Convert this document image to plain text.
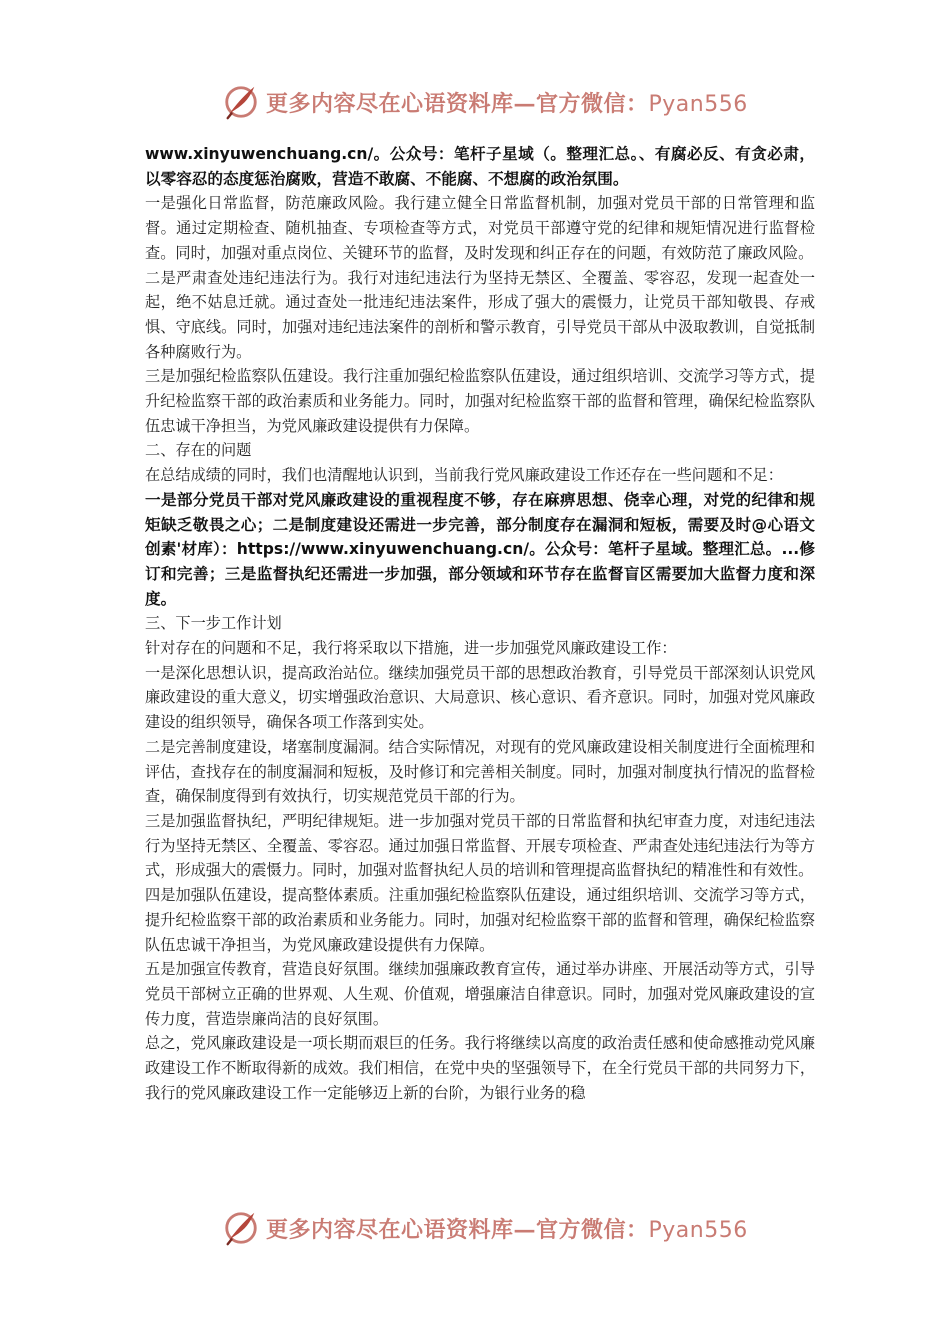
更多内容尽在心语资料库—官方微信：Pyan556

www.xinyuwenchuang.cn/。公众号：笔杆子星域（。整理汇总。、有腐必反、有贪必肃，以零容忍的态度惩治腐败，营造不敢腐、不能腐、不想腐的政治氛围。

一是强化日常监督，防范廉政风险。我行建立健全日常监督机制，加强对党员干部的日常管理和监督。通过定期检查、随机抽查、专项检查等方式，对党员干部遵守党的纪律和规矩情况进行监督检查。同时，加强对重点岗位、关键环节的监督，及时发现和纠正存在的问题，有效防范了廉政风险。

二是严肃查处违纪违法行为。我行对违纪违法行为坚持无禁区、全覆盖、零容忍，发现一起查处一起，绝不姑息迁就。通过查处一批违纪违法案件，形成了强大的震慑力，让党员干部知敬畏、存戒惧、守底线。同时，加强对违纪违法案件的剖析和警示教育，引导党员干部从中汲取教训，自觉抵制各种腐败行为。

三是加强纪检监察队伍建设。我行注重加强纪检监察队伍建设，通过组织培训、交流学习等方式，提升纪检监察干部的政治素质和业务能力。同时，加强对纪检监察干部的监督和管理，确保纪检监察队伍忠诚干净担当，为党风廉政建设提供有力保障。

二、存在的问题

在总结成绩的同时，我们也清醒地认识到，当前我行党风廉政建设工作还存在一些问题和不足：

一是部分党员干部对党风廉政建设的重视程度不够，存在麻痹思想、侥幸心理，对党的纪律和规矩缺乏敬畏之心；二是制度建设还需进一步完善，部分制度存在漏洞和短板，需要及时@心语文创素'材库）：https://www.xinyuwenchuang.cn/。公众号：笔杆子星域。整理汇总。...修订和完善；三是监督执纪还需进一步加强，部分领域和环节存在监督盲区需要加大监督力度和深度。

三、下一步工作计划

针对存在的问题和不足，我行将采取以下措施，进一步加强党风廉政建设工作：

一是深化思想认识，提高政治站位。继续加强党员干部的思想政治教育，引导党员干部深刻认识党风廉政建设的重大意义，切实增强政治意识、大局意识、核心意识、看齐意识。同时，加强对党风廉政建设的组织领导，确保各项工作落到实处。

二是完善制度建设，堵塞制度漏洞。结合实际情况，对现有的党风廉政建设相关制度进行全面梳理和评估，查找存在的制度漏洞和短板，及时修订和完善相关制度。同时，加强对制度执行情况的监督检查，确保制度得到有效执行，切实规范党员干部的行为。

三是加强监督执纪，严明纪律规矩。进一步加强对党员干部的日常监督和执纪审查力度，对违纪违法行为坚持无禁区、全覆盖、零容忍。通过加强日常监督、开展专项检查、严肃查处违纪违法行为等方式，形成强大的震慑力。同时，加强对监督执纪人员的培训和管理提高监督执纪的精准性和有效性。

四是加强队伍建设，提高整体素质。注重加强纪检监察队伍建设，通过组织培训、交流学习等方式，提升纪检监察干部的政治素质和业务能力。同时，加强对纪检监察干部的监督和管理，确保纪检监察队伍忠诚干净担当，为党风廉政建设提供有力保障。

五是加强宣传教育，营造良好氛围。继续加强廉政教育宣传，通过举办讲座、开展活动等方式，引导党员干部树立正确的世界观、人生观、价值观，增强廉洁自律意识。同时，加强对党风廉政建设的宣传力度，营造崇廉尚洁的良好氛围。

总之，党风廉政建设是一项长期而艰巨的任务。我行将继续以高度的政治责任感和使命感推动党风廉政建设工作不断取得新的成效。我们相信，在党中央的坚强领导下，在全行党员干部的共同努力下，我行的党风廉政建设工作一定能够迈上新的台阶，为银行业务的稳

更多内容尽在心语资料库—官方微信：Pyan556
